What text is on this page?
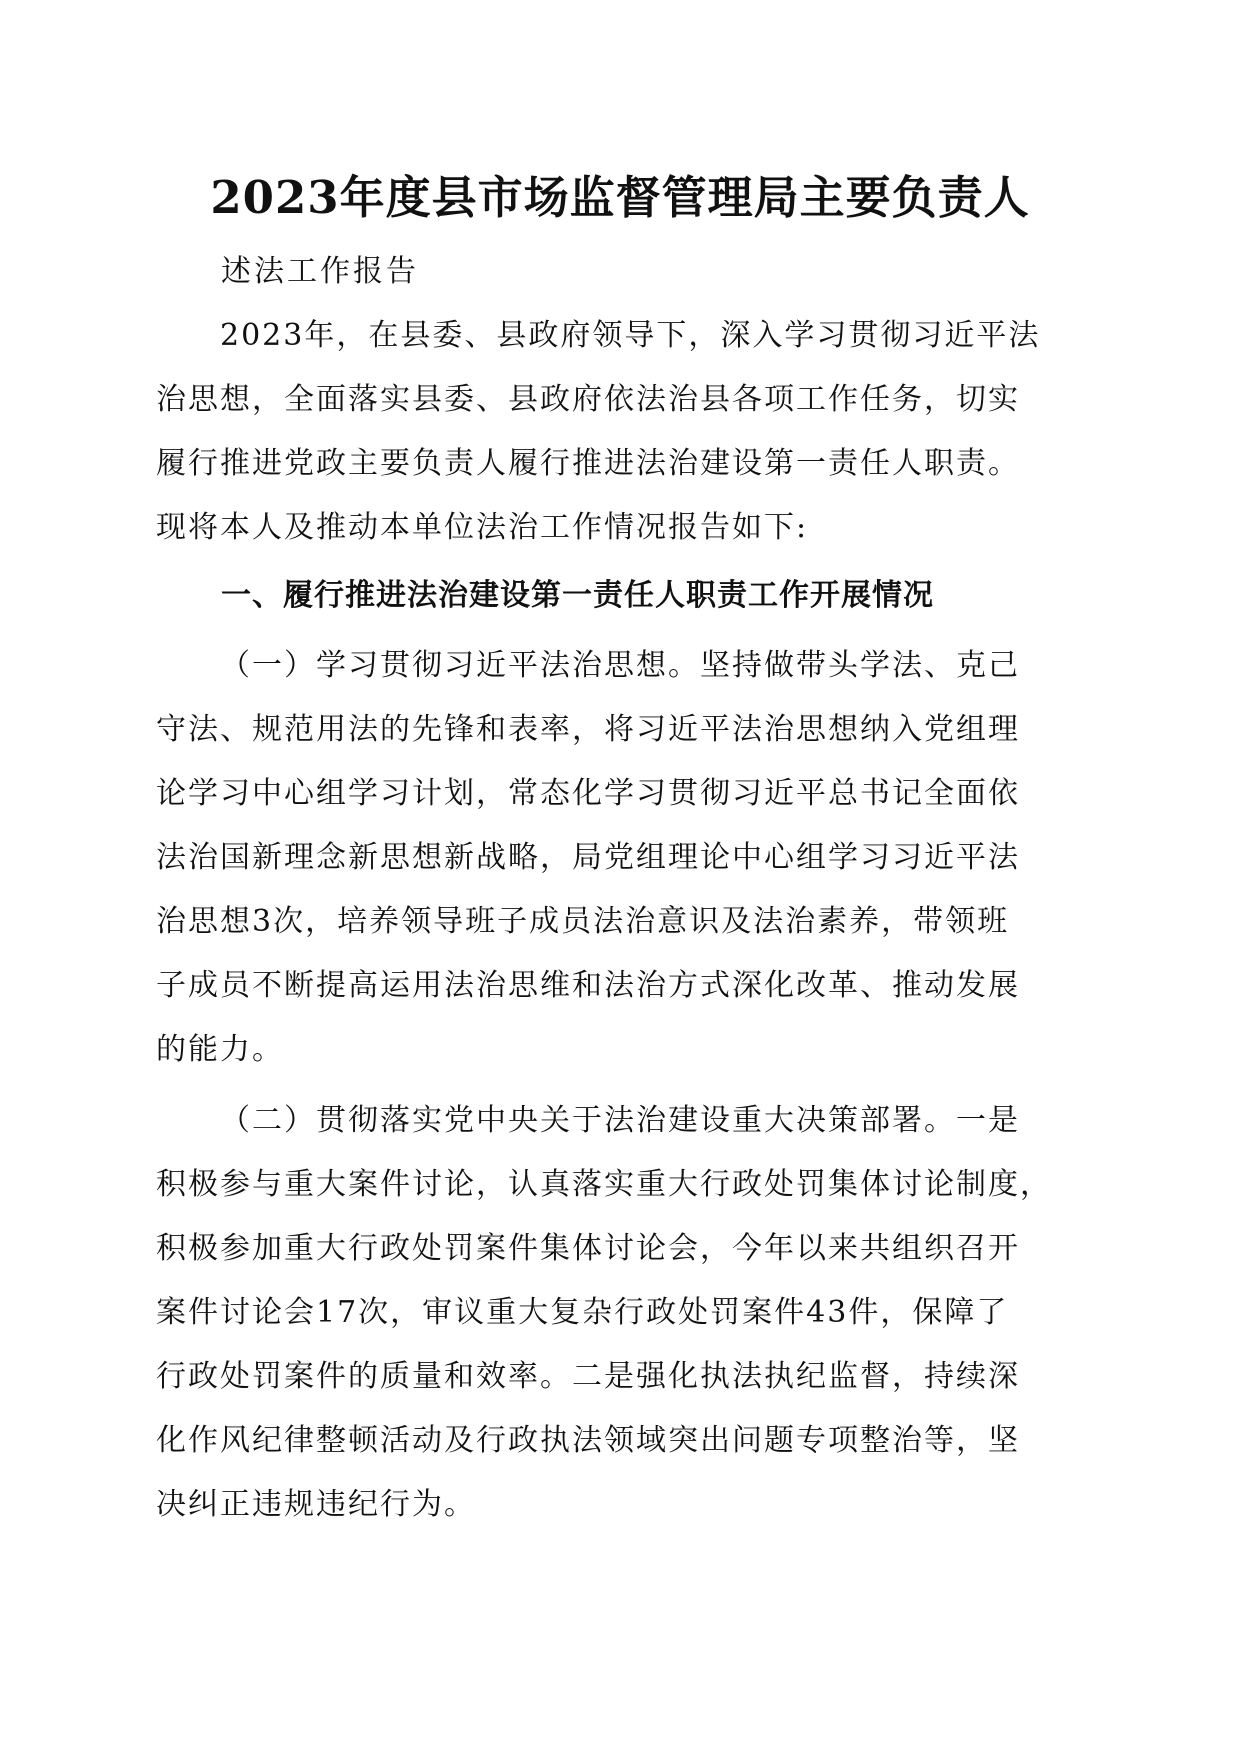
2023年度县市场监督管理局主要负责人
述法工作报告
2023年，在县委、县政府领导下，深入学习贯彻习近平法
治思想，全面落实县委、县政府依法治县各项工作任务，切实
履行推进党政主要负责人履行推进法治建设第一责任人职责。
现将本人及推动本单位法治工作情况报告如下:
一、履行推进法治建设第一责任人职责工作开展情况
（一）学习贯彻习近平法治思想。坚持做带头学法、克己
守法、规范用法的先锋和表率，将习近平法治思想纳入党组理
论学习中心组学习计划，常态化学习贯彻习近平总书记全面依
法治国新理念新思想新战略，局党组理论中心组学习习近平法
治思想3次，培养领导班子成员法治意识及法治素养，带领班
子成员不断提高运用法治思维和法治方式深化改革、推动发展
的能力。
（二）贯彻落实党中央关于法治建设重大决策部署。一是
积极参与重大案件讨论，认真落实重大行政处罚集体讨论制度，
积极参加重大行政处罚案件集体讨论会，今年以来共组织召开
案件讨论会17次，审议重大复杂行政处罚案件43件，保障了
行政处罚案件的质量和效率。二是强化执法执纪监督，持续深
化作风纪律整顿活动及行政执法领域突出问题专项整治等，坚
决纠正违规违纪行为。
